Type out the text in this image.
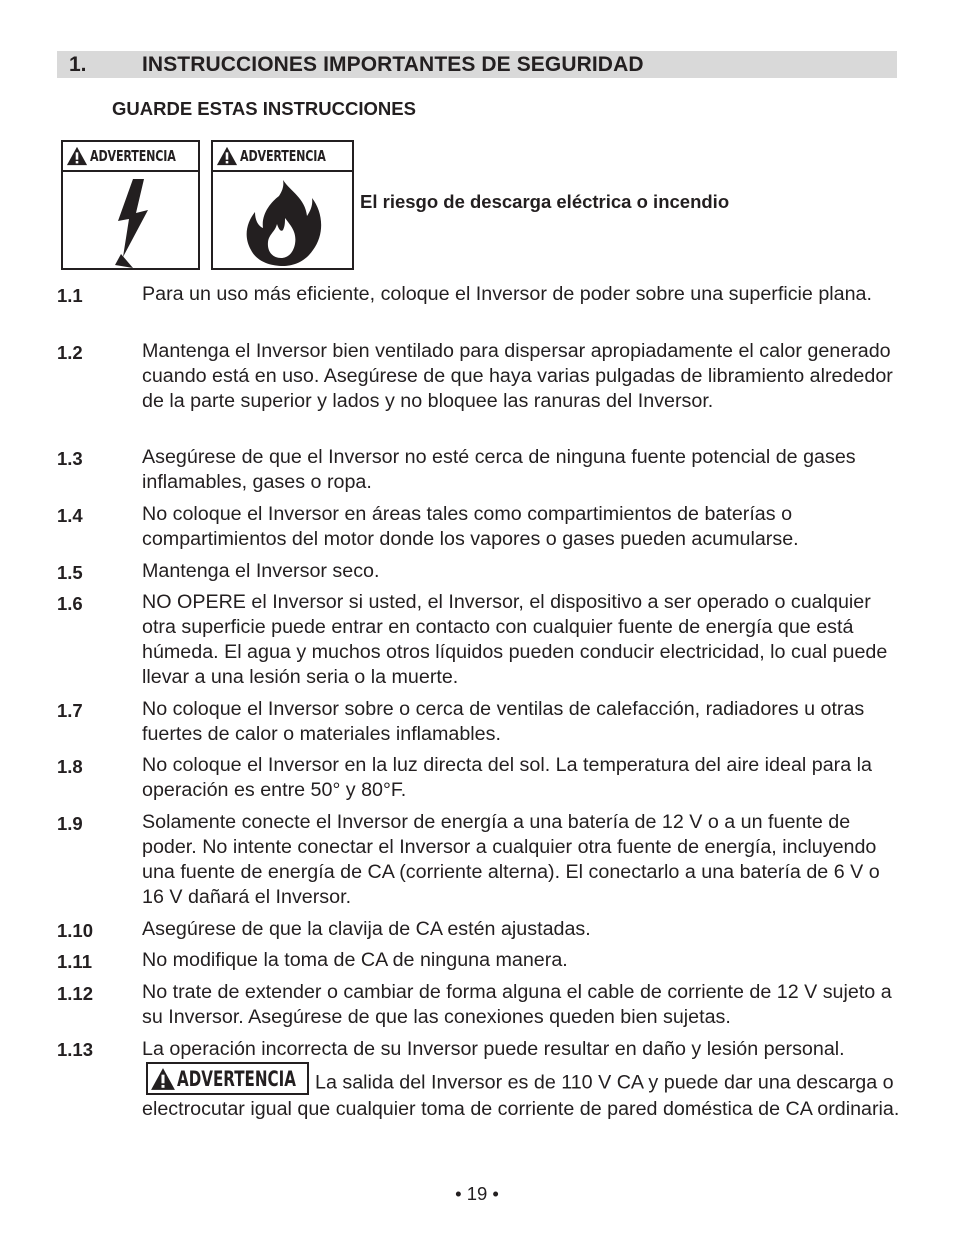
1.	INSTRUCCIONES IMPORTANTES DE SEGURIDAD
GUARDE ESTAS INSTRUCCIONES
ADVERTENCIA	ADVERTENCIA
El riesgo de descarga eléctrica o incendio
1.1	Para un uso más eficiente, coloque el Inversor de poder sobre una superficie plana.

1.2	Mantenga el Inversor bien ventilado para dispersar apropiadamente el calor generado cuando está en uso. Asegúrese de que haya varias pulgadas de libramiento alrededor de la parte superior y lados y no bloquee las ranuras del Inversor.

1.3	Asegúrese de que el Inversor no esté cerca de ninguna fuente potencial de gases inflamables, gases o ropa.

1.4	No coloque el Inversor en áreas tales como compartimientos de baterías o compartimientos del motor donde los vapores o gases pueden acumularse.

1.5	Mantenga el Inversor seco.

1.6	NO OPERE el Inversor si usted, el Inversor, el dispositivo a ser operado o cualquier otra superficie puede entrar en contacto con cualquier fuente de energía que está húmeda. El agua y muchos otros líquidos pueden conducir electricidad, lo cual puede llevar a una lesión seria o la muerte.

1.7	No coloque el Inversor sobre o cerca de ventilas de calefacción, radiadores u otras fuertes de calor o materiales inflamables.

1.8	No coloque el Inversor en la luz directa del sol. La temperatura del aire ideal para la operación es entre 50° y 80°F.

1.9	Solamente conecte el Inversor de energía a una batería de 12 V o a un fuente de poder. No intente conectar el Inversor a cualquier otra fuente de energía, incluyendo una fuente de energía de CA (corriente alterna). El conectarlo a una batería de 6 V o 16 V dañará el Inversor.

1.10 Asegúrese de que la clavija de CA estén ajustadas.

1.11	No modifique la toma de CA de ninguna manera.

1.12 No trate de extender o cambiar de forma alguna el cable de corriente de 12 V sujeto a su Inversor. Asegúrese de que las conexiones queden bien sujetas.

1.13 La operación incorrecta de su Inversor puede resultar en daño y lesión personal.
ADVERTENCIA La salida del Inversor es de 110 V CA y puede dar una descarga o electrocutar igual que cualquier toma de corriente de pared doméstica de CA ordinaria.

• 19 •
